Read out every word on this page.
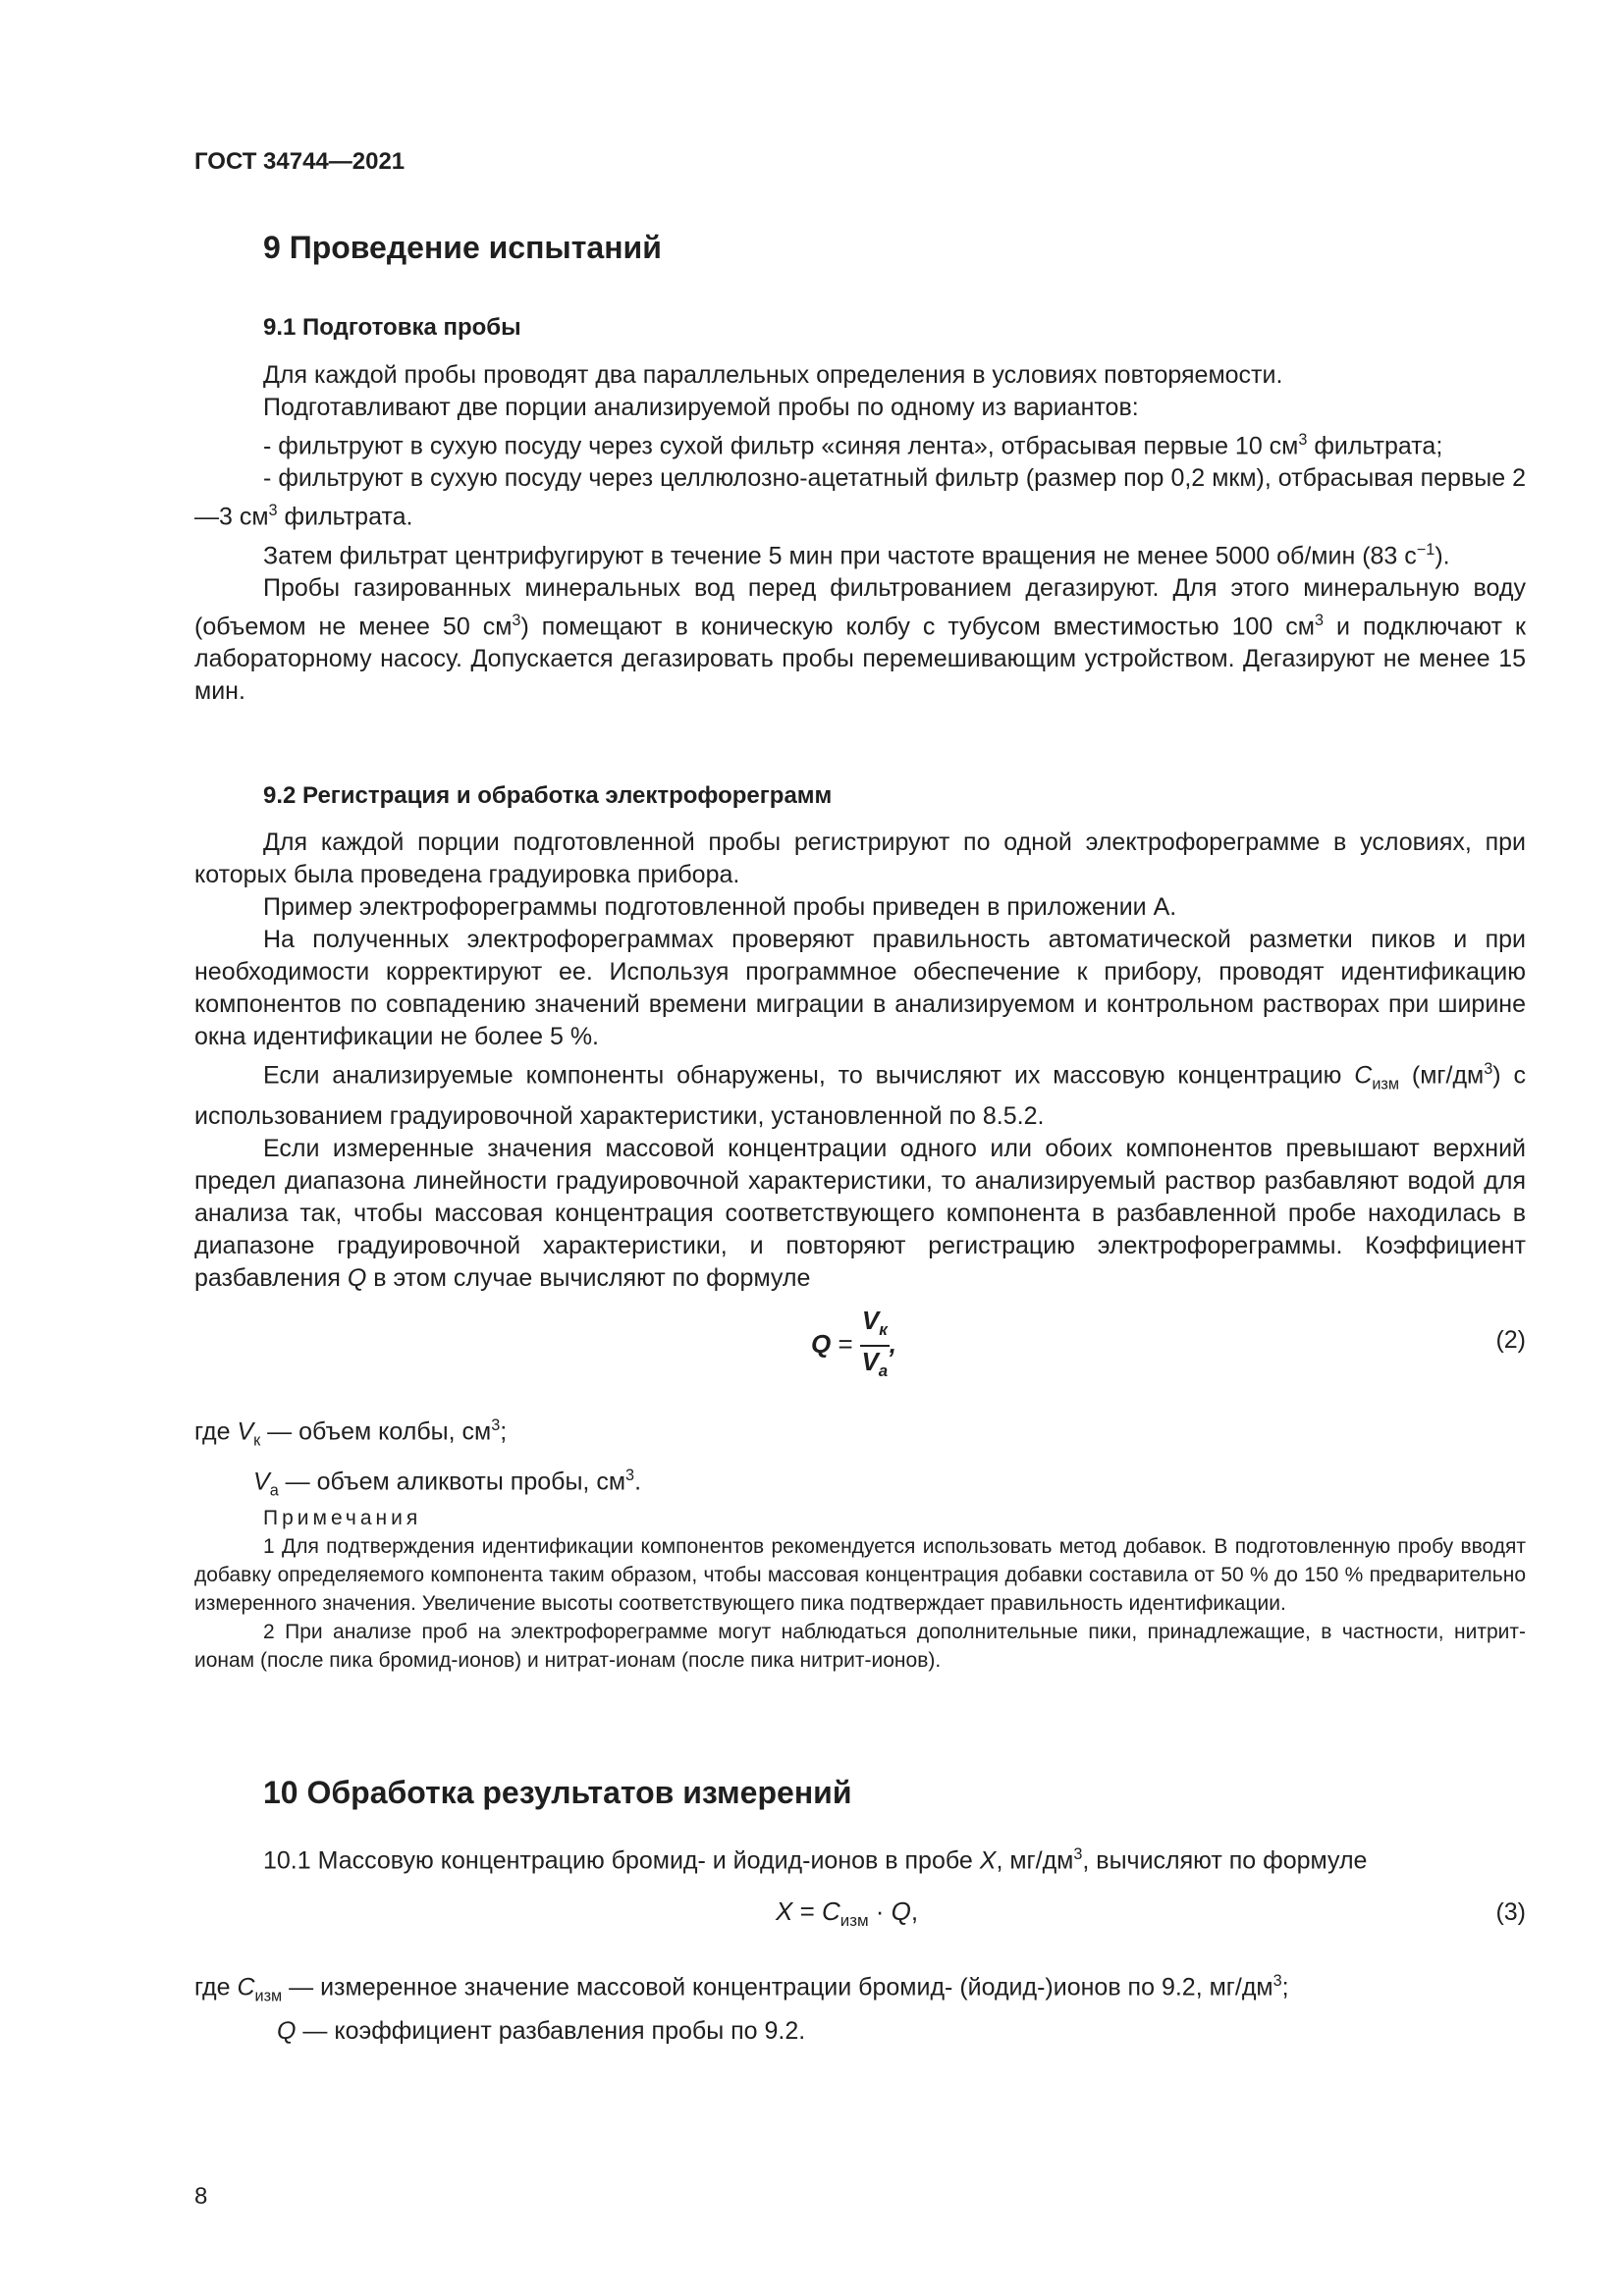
ГОСТ 34744—2021
9 Проведение испытаний
9.1 Подготовка пробы

Для каждой пробы проводят два параллельных определения в условиях повторяемости.

Подготавливают две порции анализируемой пробы по одному из вариантов:

- фильтруют в сухую посуду через сухой фильтр «синяя лента», отбрасывая первые 10 $см^3$ фильтрата;

- фильтруют в сухую посуду через целлюлозно-ацетатный фильтр (размер пор 0,2 мкм), отбрасывая первые 2—3 $см^3$ фильтрата.

Затем фильтрат центрифугируют в течение 5 мин при частоте вращения не менее 5000 об/мин (83 $с^{-1}$).

Пробы газированных минеральных вод перед фильтрованием дегазируют. Для этого минеральную воду (объемом не менее 50 $см^3$) помещают в коническую колбу с тубусом вместимостью 100 $см^3$ и подключают к лабораторному насосу. Допускается дегазировать пробы перемешивающим устройством. Дегазируют не менее 15 мин.

9.2 Регистрация и обработка электрофореграмм

Для каждой порции подготовленной пробы регистрируют по одной электрофореграмме в условиях, при которых была проведена градуировка прибора.

Пример электрофореграммы подготовленной пробы приведен в приложении А.

На полученных электрофореграммах проверяют правильность автоматической разметки пиков и при необходимости корректируют ее. Используя программное обеспечение к прибору, проводят идентификацию компонентов по совпадению значений времени миграции в анализируемом и контрольном растворах при ширине окна идентификации не более 5 %.

Если анализируемые компоненты обнаружены, то вычисляют их массовую концентрацию $C_{изм}$ $(мг/дм^3)$ с использованием градуировочной характеристики, установленной по 8.5.2.

Если измеренные значения массовой концентрации одного или обоих компонентов превышают верхний предел диапазона линейности градуировочной характеристики, то анализируемый раствор разбавляют водой для анализа так, чтобы массовая концентрация соответствующего компонента в разбавленной пробе находилась в диапазоне градуировочной характеристики, и повторяют регистрацию электрофореграммы. Коэффициент разбавления Q в этом случае вычисляют по формуле

$Q = \frac{V_к}{V_а}$ ,	(2)
где $V_к$ — объем колбы, $см^3$;
$V_а$ — объем аликвоты пробы, $см^3$.

Примечания

1 Для подтверждения идентификации компонентов рекомендуется использовать метод добавок. В подготовленную пробу вводят добавку определяемого компонента таким образом, чтобы массовая концентрация добавки составила от 50 % до 150 % предварительно измеренного значения. Увеличение высоты соответствующего пика подтверждает правильность идентификации.

2 При анализе проб на электрофореграмме могут наблюдаться дополнительные пики, принадлежащие, в частности, нитрит-ионам (после пика бромид-ионов) и нитрат-ионам (после пика нитрит-ионов).

10 Обработка результатов измерений

10.1 Массовую концентрацию бромид- и йодид-ионов в пробе X, $мг/дм^3$, вычисляют по формуле

$X = C_{изм} \cdot Q$,	(3)
где $C_{изм}$ — измеренное значение массовой концентрации бромид- (йодид-)ионов по 9.2, $мг/дм^3$;
Q — коэффициент разбавления пробы по 9.2.
8
